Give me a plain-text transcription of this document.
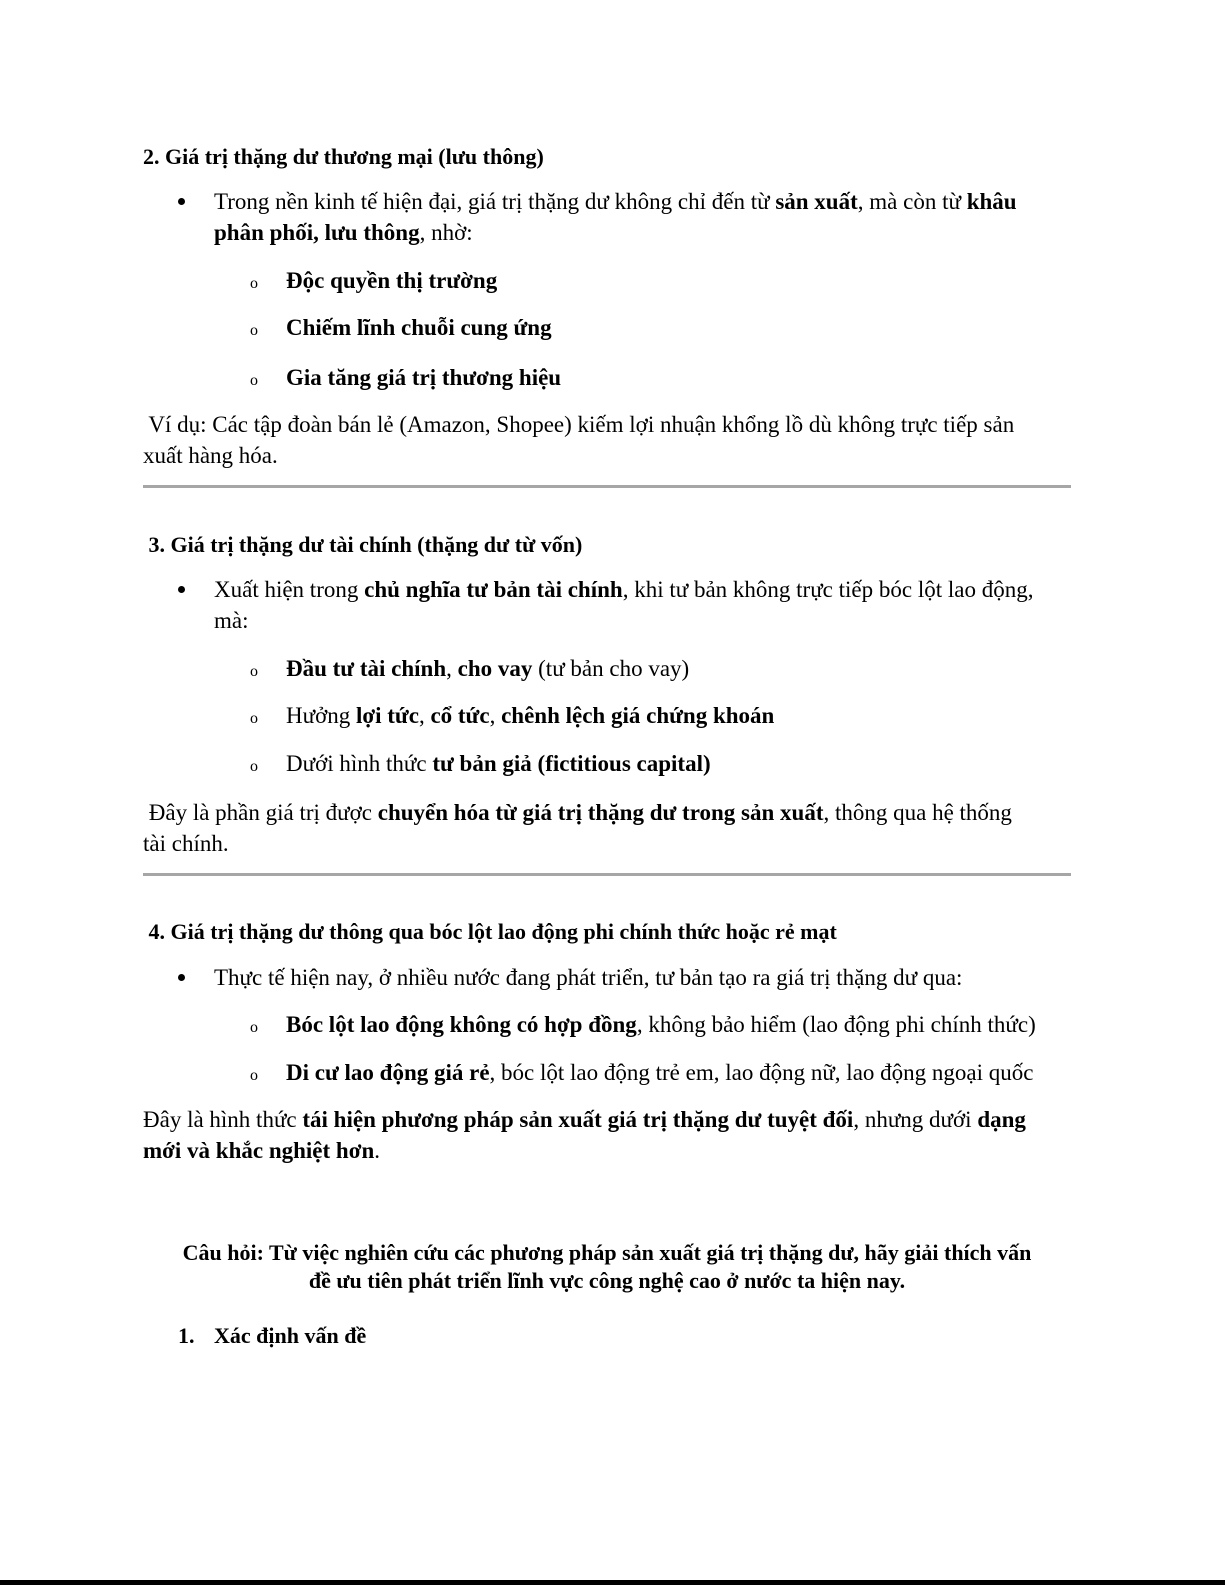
2. Giá trị thặng dư thương mại (lưu thông)
Trong nền kinh tế hiện đại, giá trị thặng dư không chỉ đến từ sản xuất, mà còn từ khâu
phân phối, lưu thông, nhờ:
o Độc quyền thị trường
o Chiếm lĩnh chuỗi cung ứng
o Gia tăng giá trị thương hiệu
Ví dụ: Các tập đoàn bán lẻ (Amazon, Shopee) kiếm lợi nhuận khổng lồ dù không trực tiếp sản
xuất hàng hóa.
3. Giá trị thặng dư tài chính (thặng dư từ vốn)
Xuất hiện trong chủ nghĩa tư bản tài chính, khi tư bản không trực tiếp bóc lột lao động,
mà:
o Đầu tư tài chính, cho vay (tư bản cho vay)
o Hưởng lợi tức, cổ tức, chênh lệch giá chứng khoán
o Dưới hình thức tư bản giả (fictitious capital)
Đây là phần giá trị được chuyển hóa từ giá trị thặng dư trong sản xuất, thông qua hệ thống
tài chính.
4. Giá trị thặng dư thông qua bóc lột lao động phi chính thức hoặc rẻ mạt
Thực tế hiện nay, ở nhiều nước đang phát triển, tư bản tạo ra giá trị thặng dư qua:
o Bóc lột lao động không có hợp đồng, không bảo hiểm (lao động phi chính thức)
o Di cư lao động giá rẻ, bóc lột lao động trẻ em, lao động nữ, lao động ngoại quốc
Đây là hình thức tái hiện phương pháp sản xuất giá trị thặng dư tuyệt đối, nhưng dưới dạng
mới và khắc nghiệt hơn.
Câu hỏi: Từ việc nghiên cứu các phương pháp sản xuất giá trị thặng dư, hãy giải thích vấn
đề ưu tiên phát triển lĩnh vực công nghệ cao ở nước ta hiện nay.
1. Xác định vấn đề
